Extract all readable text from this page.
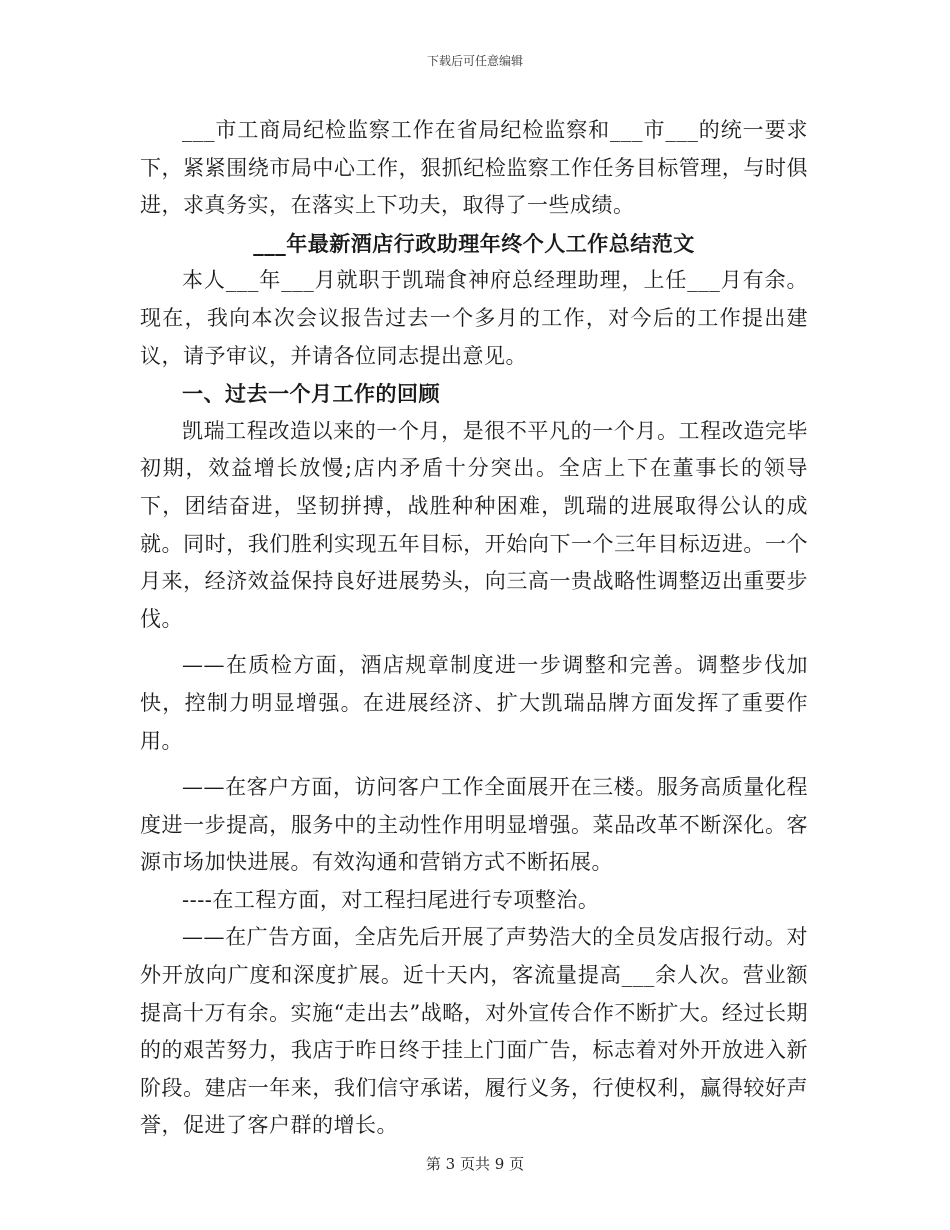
下载后可任意编辑

___市工商局纪检监察工作在省局纪检监察和___市___的统一要求下，紧紧围绕市局中心工作，狠抓纪检监察工作任务目标管理，与时俱进，求真务实，在落实上下功夫，取得了一些成绩。

___年最新酒店行政助理年终个人工作总结范文

本人___年___月就职于凯瑞食神府总经理助理，上任___月有余。现在，我向本次会议报告过去一个多月的工作，对今后的工作提出建议，请予审议，并请各位同志提出意见。

一、过去一个月工作的回顾

凯瑞工程改造以来的一个月，是很不平凡的一个月。工程改造完毕初期，效益增长放慢;店内矛盾十分突出。全店上下在董事长的领导下，团结奋进，坚韧拼搏，战胜种种困难，凯瑞的进展取得公认的成就。同时，我们胜利实现五年目标，开始向下一个三年目标迈进。一个月来，经济效益保持良好进展势头，向三高一贵战略性调整迈出重要步伐。

——在质检方面，酒店规章制度进一步调整和完善。调整步伐加快，控制力明显增强。在进展经济、扩大凯瑞品牌方面发挥了重要作用。

——在客户方面，访问客户工作全面展开在三楼。服务高质量化程度进一步提高，服务中的主动性作用明显增强。菜品改革不断深化。客源市场加快进展。有效沟通和营销方式不断拓展。

----在工程方面，对工程扫尾进行专项整治。

——在广告方面，全店先后开展了声势浩大的全员发店报行动。对外开放向广度和深度扩展。近十天内，客流量提高___余人次。营业额提高十万有余。实施“走出去”战略，对外宣传合作不断扩大。经过长期的的艰苦努力，我店于昨日终于挂上门面广告，标志着对外开放进入新阶段。建店一年来，我们信守承诺，履行义务，行使权利，赢得较好声誉，促进了客户群的增长。

第 3 页共 9 页
